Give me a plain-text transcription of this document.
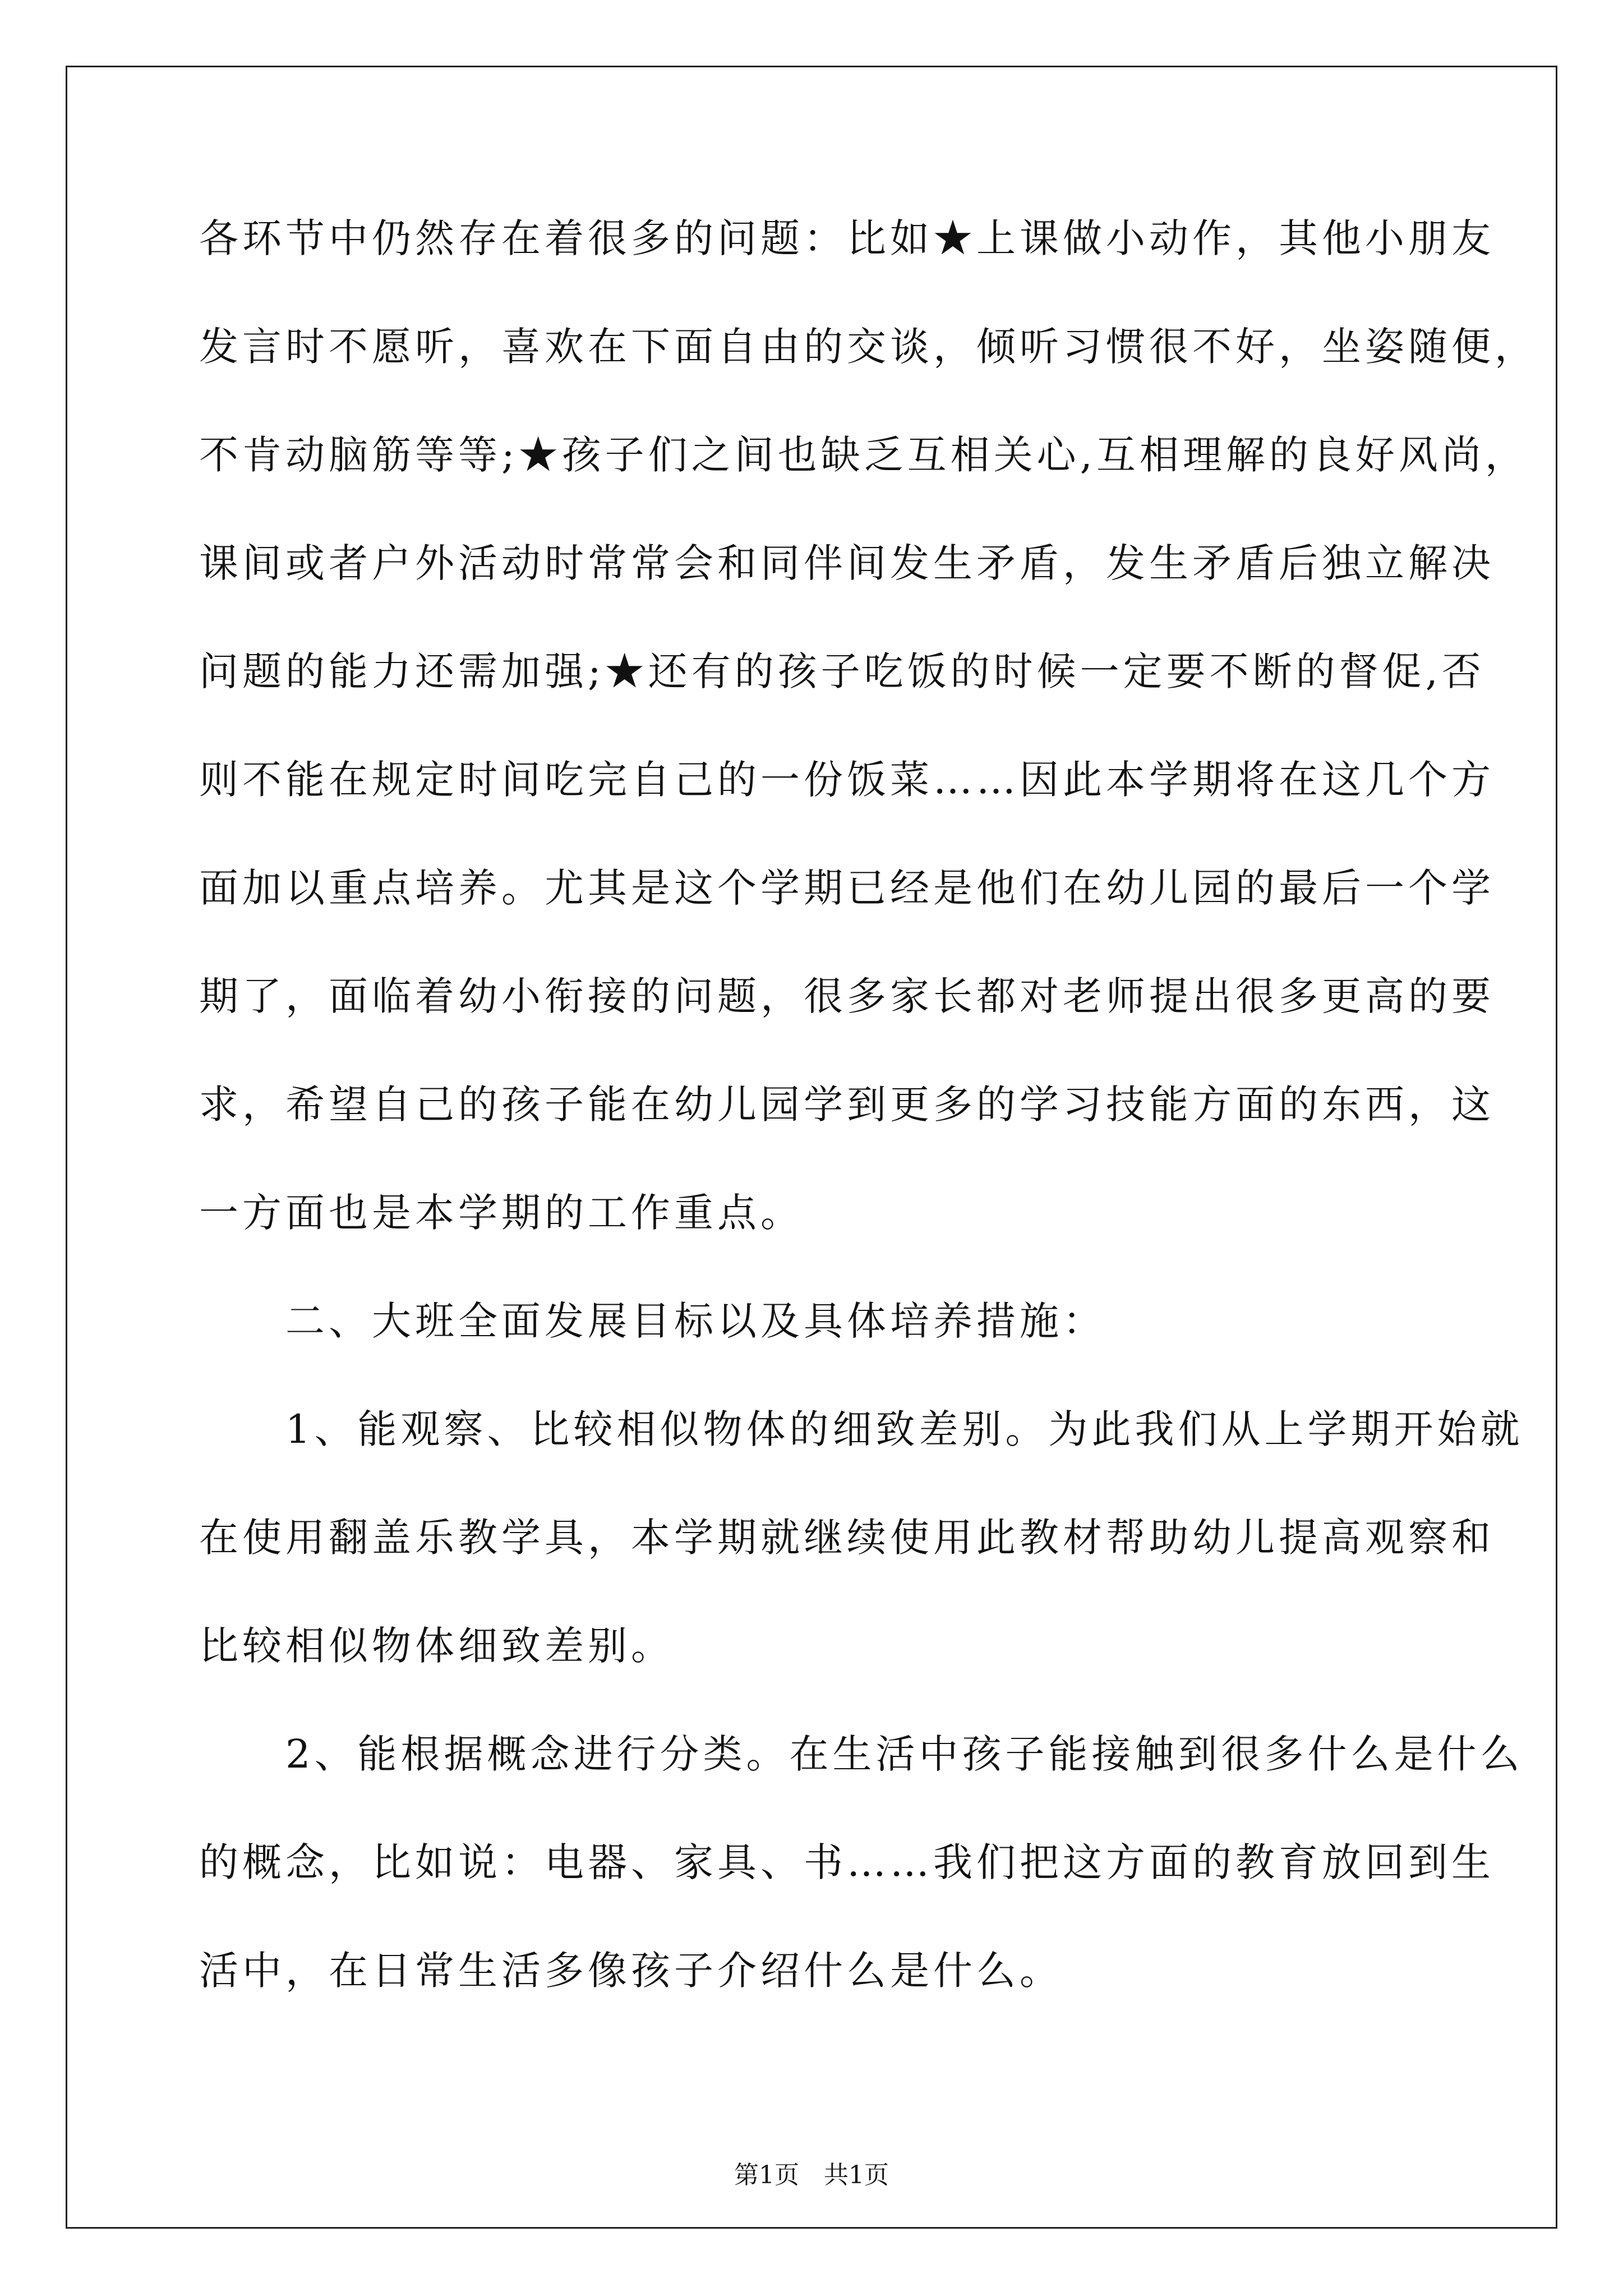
各环节中仍然存在着很多的问题：比如★上课做小动作，其他小朋友
发言时不愿听，喜欢在下面自由的交谈，倾听习惯很不好，坐姿随便，
不肯动脑筋等等;★孩子们之间也缺乏互相关心,互相理解的良好风尚，
课间或者户外活动时常常会和同伴间发生矛盾，发生矛盾后独立解决
问题的能力还需加强;★还有的孩子吃饭的时候一定要不断的督促,否
则不能在规定时间吃完自己的一份饭菜……因此本学期将在这几个方
面加以重点培养。尤其是这个学期已经是他们在幼儿园的最后一个学
期了，面临着幼小衔接的问题，很多家长都对老师提出很多更高的要
求，希望自己的孩子能在幼儿园学到更多的学习技能方面的东西，这
一方面也是本学期的工作重点。
　　二、大班全面发展目标以及具体培养措施：
　　1、能观察、比较相似物体的细致差别。为此我们从上学期开始就
在使用翻盖乐教学具，本学期就继续使用此教材帮助幼儿提高观察和
比较相似物体细致差别。
　　2、能根据概念进行分类。在生活中孩子能接触到很多什么是什么
的概念，比如说：电器、家具、书……我们把这方面的教育放回到生
活中，在日常生活多像孩子介绍什么是什么。
第1页　共1页
